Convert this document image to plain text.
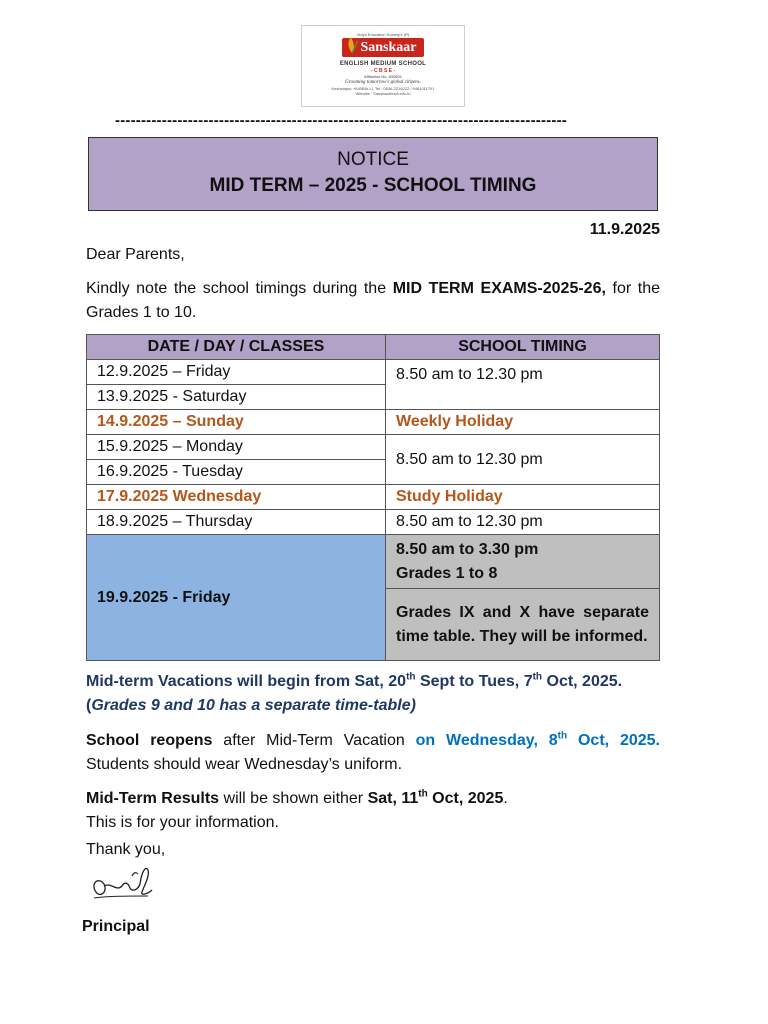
Vidya Education Society's (R)
Sanskaar
ENGLISH MEDIUM SCHOOL
- C B S E -
Affiliation No. 830651
Grooming tomorrow's global citizens.
Keshwapur, HUBBALLI, Tel : 0836-2216222 / 9481011701
Website : Sanskaarhubli.edu.in
---------------------------------------------------------------------------------------
NOTICE
MID TERM – 2025 - SCHOOL TIMING
11.9.2025
Dear Parents,
Kindly note the school timings during the MID TERM EXAMS-2025-26, for the Grades 1 to 10.
DATE / DAY / CLASSES	SCHOOL TIMING
12.9.2025 – Friday	8.50 am to 12.30 pm
13.9.2025 - Saturday	
14.9.2025 – Sunday	Weekly Holiday
15.9.2025 – Monday	8.50 am to 12.30 pm
16.9.2025 - Tuesday	
17.9.2025 Wednesday	Study Holiday
18.9.2025 – Thursday	8.50 am to 12.30 pm
19.9.2025 - Friday	8.50 am to 3.30 pm
Grades 1 to 8

	Grades IX and X have separate time table. They will be informed.
Mid-term Vacations will begin from Sat, 20th Sept to Tues, 7th Oct, 2025. (Grades 9 and 10 has a separate time-table)
School reopens after Mid-Term Vacation on Wednesday, 8th Oct, 2025. Students should wear Wednesday’s uniform.
Mid-Term Results will be shown either Sat, 11th Oct, 2025.
This is for your information.
Thank you,
Principal
